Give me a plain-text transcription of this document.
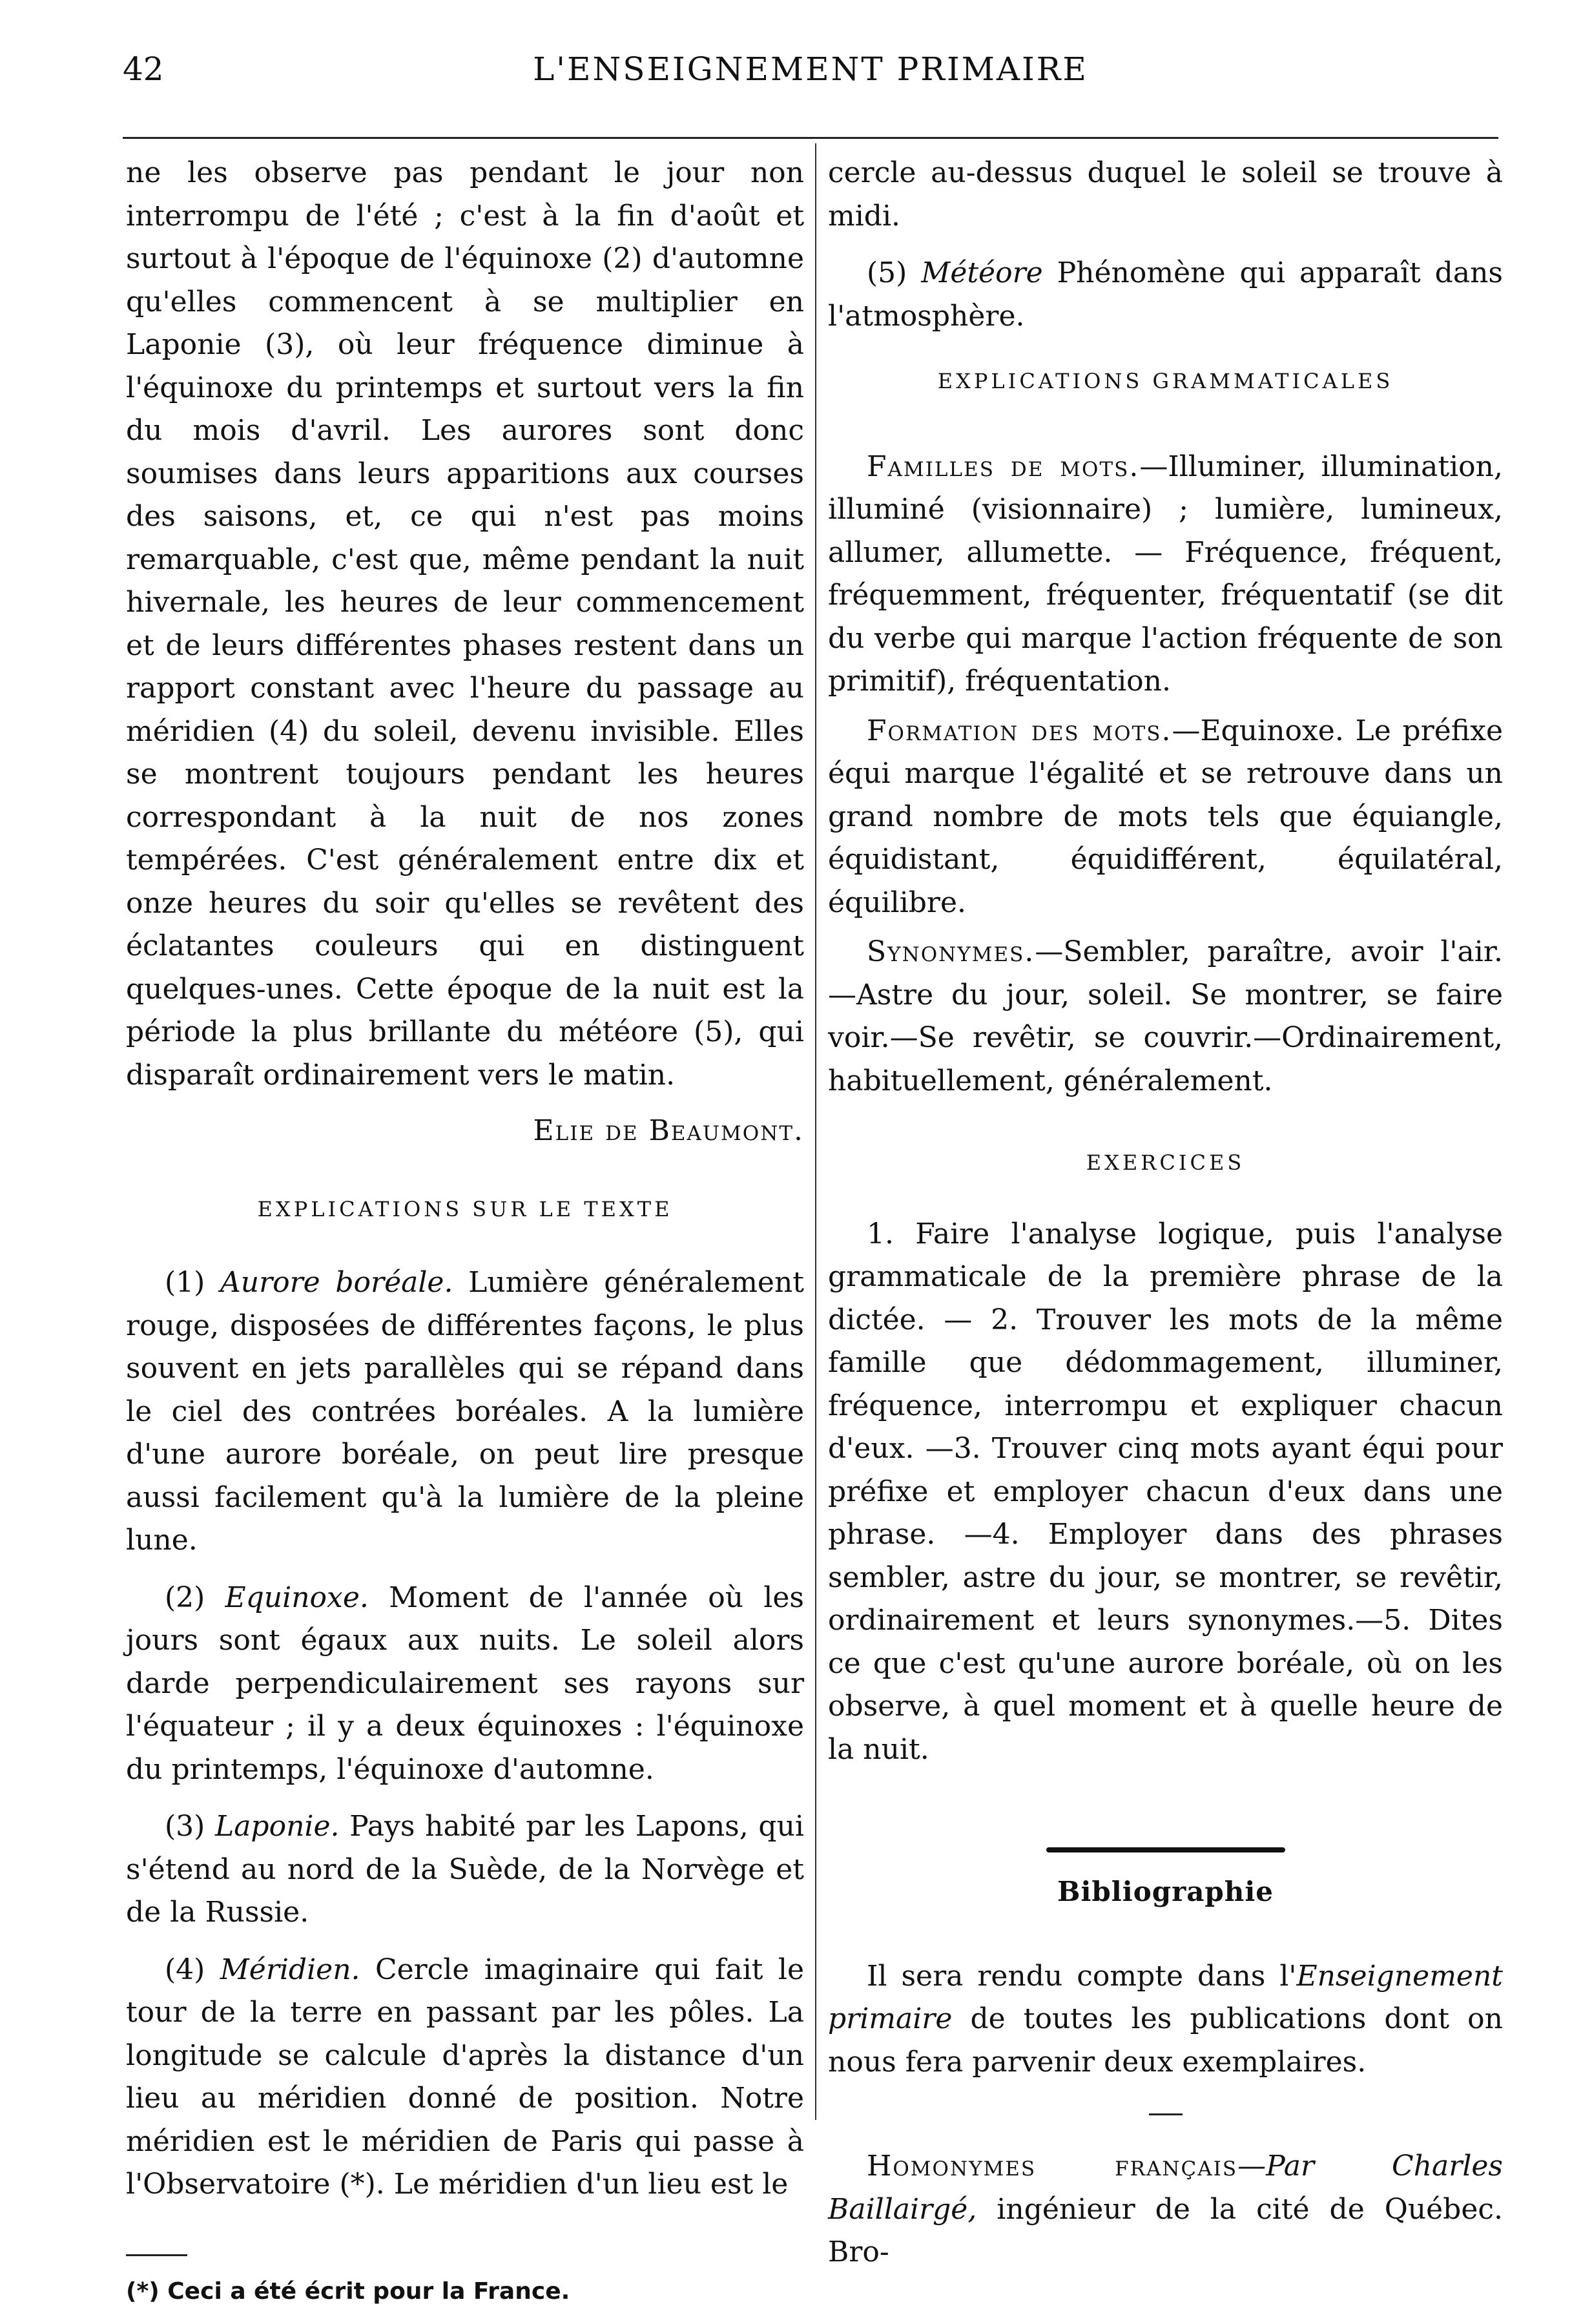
42	L'ENSEIGNEMENT PRIMAIRE

ne les observe pas pendant le jour non interrompu de l'été ; c'est à la fin d'août et surtout à l'époque de l'équinoxe (2) d'automne qu'elles commencent à se multiplier en Laponie (3), où leur fréquence diminue à l'équinoxe du printemps et surtout vers la fin du mois d'avril. Les aurores sont donc soumises dans leurs apparitions aux courses des saisons, et, ce qui n'est pas moins remarquable, c'est que, même pendant la nuit hivernale, les heures de leur commencement et de leurs différentes phases restent dans un rapport constant avec l'heure du passage au méridien (4) du soleil, devenu invisible. Elles se montrent toujours pendant les heures correspondant à la nuit de nos zones tempérées. C'est généralement entre dix et onze heures du soir qu'elles se revêtent des éclatantes couleurs qui en distinguent quelques-unes. Cette époque de la nuit est la période la plus brillante du météore (5), qui disparaît ordinairement vers le matin.

Elie de Beaumont.

EXPLICATIONS SUR LE TEXTE

(1) Aurore boréale. Lumière généralement rouge, disposées de différentes façons, le plus souvent en jets parallèles qui se répand dans le ciel des contrées boréales. A la lumière d'une aurore boréale, on peut lire presque aussi facilement qu'à la lumière de la pleine lune.

(2) Equinoxe. Moment de l'année où les jours sont égaux aux nuits. Le soleil alors darde perpendiculairement ses rayons sur l'équateur ; il y a deux équinoxes : l'équinoxe du printemps, l'équinoxe d'automne.

(3) Laponie. Pays habité par les Lapons, qui s'étend au nord de la Suède, de la Norvège et de la Russie.

(4) Méridien. Cercle imaginaire qui fait le tour de la terre en passant par les pôles. La longitude se calcule d'après la distance d'un lieu au méridien donné de position. Notre méridien est le méridien de Paris qui passe à l'Observatoire (*). Le méridien d'un lieu est le

(*) Ceci a été écrit pour la France.

cercle au-dessus duquel le soleil se trouve à midi.

(5) Météore Phénomène qui apparaît dans l'atmosphère.

EXPLICATIONS GRAMMATICALES

Familles de mots.—Illuminer, illumination, illuminé (visionnaire) ; lumière, lumineux, allumer, allumette. — Fréquence, fréquent, fréquemment, fréquenter, fréquentatif (se dit du verbe qui marque l'action fréquente de son primitif), fréquentation.

Formation des mots.—Equinoxe. Le préfixe équi marque l'égalité et se retrouve dans un grand nombre de mots tels que équiangle, équidistant, équidifférent, équilatéral, équilibre.

Synonymes.—Sembler, paraître, avoir l'air. —Astre du jour, soleil. Se montrer, se faire voir.—Se revêtir, se couvrir.—Ordinairement, habituellement, généralement.

EXERCICES

1. Faire l'analyse logique, puis l'analyse grammaticale de la première phrase de la dictée. — 2. Trouver les mots de la même famille que dédommagement, illuminer, fréquence, interrompu et expliquer chacun d'eux. —3. Trouver cinq mots ayant équi pour préfixe et employer chacun d'eux dans une phrase. —4. Employer dans des phrases sembler, astre du jour, se montrer, se revêtir, ordinairement et leurs synonymes.—5. Dites ce que c'est qu'une aurore boréale, où on les observe, à quel moment et à quelle heure de la nuit.

Bibliographie

Il sera rendu compte dans l'Enseignement primaire de toutes les publications dont on nous fera parvenir deux exemplaires.

Homonymes français—Par Charles Baillairgé, ingénieur de la cité de Québec. Bro-
